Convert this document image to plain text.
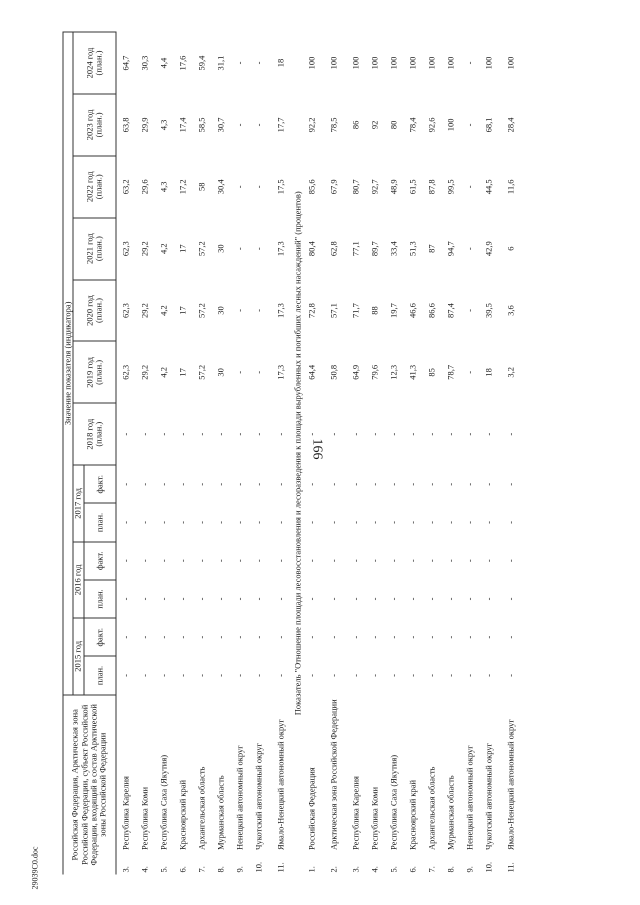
166
29039C0.doc
Российская Федерация, Арктическая зона Российской Федерации, субъект Российской Федерации, входящий в состав Арктической зоны Российской Федерации		Значение показателя (индикатора)												
		2015 год		2016 год		2017 год		2018 год (план.)	2019 год (план.)	2020 год (план.)	2021 год (план.)	2022 год (план.)	2023 год (план.)	2024 год (план.)
		план.	факт.	план.	факт.	план.	факт.							
3.	Республика Карелия	-	-	-	-	-	-	-	62,3	62,3	62,3	63,2	63,8	64,7
4.	Республика Коми	-	-	-	-	-	-	-	29,2	29,2	29,2	29,6	29,9	30,3
5.	Республика Саха (Якутия)	-	-	-	-	-	-	-	4,2	4,2	4,2	4,3	4,3	4,4
6.	Красноярский край	-	-	-	-	-	-	-	17	17	17	17,2	17,4	17,6
7.	Архангельская область	-	-	-	-	-	-	-	57,2	57,2	57,2	58	58,5	59,4
8.	Мурманская область	-	-	-	-	-	-	-	30	30	30	30,4	30,7	31,1
9.	Ненецкий автономный округ	-	-	-	-	-	-	-	-	-	-	-	-	-
10.	Чукотский автономный округ	-	-	-	-	-	-	-	-	-	-	-	-	-
11.	Ямало-Ненецкий автономный округ	-	-	-	-	-	-	-	17,3	17,3	17,3	17,5	17,7	18
Показатель "Отношение площади лесовосстановления и лесоразведения к площади вырубленных и погибших лесных насаждений" (процентов)														
1.	Российская Федерация	-	-	-	-	-	-	-	64,4	72,8	80,4	85,6	92,2	100
2.	Арктическая зона Российской Федерации	-	-	-	-	-	-	-	50,8	57,1	62,8	67,9	78,5	100
3.	Республика Карелия	-	-	-	-	-	-	-	64,9	71,7	77,1	80,7	86	100
4.	Республика Коми	-	-	-	-	-	-	-	79,6	88	89,7	92,7	92	100
5.	Республика Саха (Якутия)	-	-	-	-	-	-	-	12,3	19,7	33,4	48,9	80	100
6.	Красноярский край	-	-	-	-	-	-	-	41,3	46,6	51,3	61,5	78,4	100
7.	Архангельская область	-	-	-	-	-	-	-	85	86,6	87	87,8	92,6	100
8.	Мурманская область	-	-	-	-	-	-	-	78,7	87,4	94,7	99,5	100	100
9.	Ненецкий автономный округ	-	-	-	-	-	-	-	-	-	-	-	-	-
10.	Чукотский автономный округ	-	-	-	-	-	-	-	18	39,5	42,9	44,5	68,1	100
11.	Ямало-Ненецкий автономный округ	-	-	-	-	-	-	-	3,2	3,6	6	11,6	28,4	100
